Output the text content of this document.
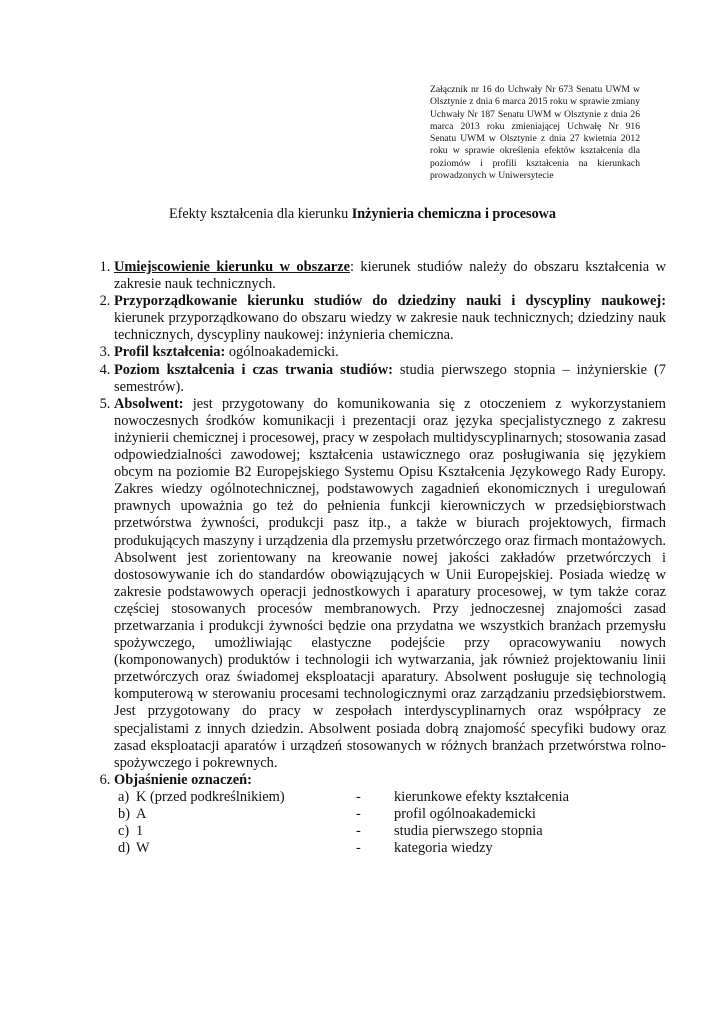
Załącznik nr 16 do Uchwały Nr 673 Senatu UWM w Olsztynie z dnia 6 marca 2015 roku w sprawie zmiany Uchwały Nr 187 Senatu UWM w Olsztynie z dnia 26 marca 2013 roku zmieniającej Uchwałę Nr 916 Senatu UWM w Olsztynie z dnia 27 kwietnia 2012 roku w sprawie określenia efektów kształcenia dla poziomów i profili kształcenia na kierunkach prowadzonych w Uniwersytecie
Efekty kształcenia dla kierunku Inżynieria chemiczna i procesowa
1. Umiejscowienie kierunku w obszarze: kierunek studiów należy do obszaru kształcenia w zakresie nauk technicznych.
2. Przyporządkowanie kierunku studiów do dziedziny nauki i dyscypliny naukowej: kierunek przyporządkowano do obszaru wiedzy w zakresie nauk technicznych; dziedziny nauk technicznych, dyscypliny naukowej: inżynieria chemiczna.
3. Profil kształcenia: ogólnoakademicki.
4. Poziom kształcenia i czas trwania studiów: studia pierwszego stopnia – inżynierskie (7 semestrów).
5. Absolwent: jest przygotowany do komunikowania się z otoczeniem z wykorzystaniem nowoczesnych środków komunikacji i prezentacji oraz języka specjalistycznego z zakresu inżynierii chemicznej i procesowej, pracy w zespołach multidyscyplinarnych; stosowania zasad odpowiedzialności zawodowej; kształcenia ustawicznego oraz posługiwania się językiem obcym na poziomie B2 Europejskiego Systemu Opisu Kształcenia Językowego Rady Europy. Zakres wiedzy ogólnotechnicznej, podstawowych zagadnień ekonomicznych i uregulowań prawnych upoważnia go też do pełnienia funkcji kierowniczych w przedsiębiorstwach przetwórstwa żywności, produkcji pasz itp., a także w biurach projektowych, firmach produkujących maszyny i urządzenia dla przemysłu przetwórczego oraz firmach montażowych. Absolwent jest zorientowany na kreowanie nowej jakości zakładów przetwórczych i dostosowywanie ich do standardów obowiązujących w Unii Europejskiej. Posiada wiedzę w zakresie podstawowych operacji jednostkowych i aparatury procesowej, w tym także coraz częściej stosowanych procesów membranowych. Przy jednoczesnej znajomości zasad przetwarzania i produkcji żywności będzie ona przydatna we wszystkich branżach przemysłu spożywczego, umożliwiając elastyczne podejście przy opracowywaniu nowych (komponowanych) produktów i technologii ich wytwarzania, jak również projektowaniu linii przetwórczych oraz świadomej eksploatacji aparatury. Absolwent posługuje się technologią komputerową w sterowaniu procesami technologicznymi oraz zarządzaniu przedsiębiorstwem. Jest przygotowany do pracy w zespołach interdyscyplinarnych oraz współpracy ze specjalistami z innych dziedzin. Absolwent posiada dobrą znajomość specyfiki budowy oraz zasad eksploatacji aparatów i urządzeń stosowanych w różnych branżach przetwórstwa rolno-spożywczego i pokrewnych.
6. Objaśnienie oznaczeń:
a) K (przed podkreślnikiem)	-	kierunkowe efekty kształcenia
b) A	-	profil ogólnoakademicki
c) 1	-	studia pierwszego stopnia
d) W	-	kategoria wiedzy
